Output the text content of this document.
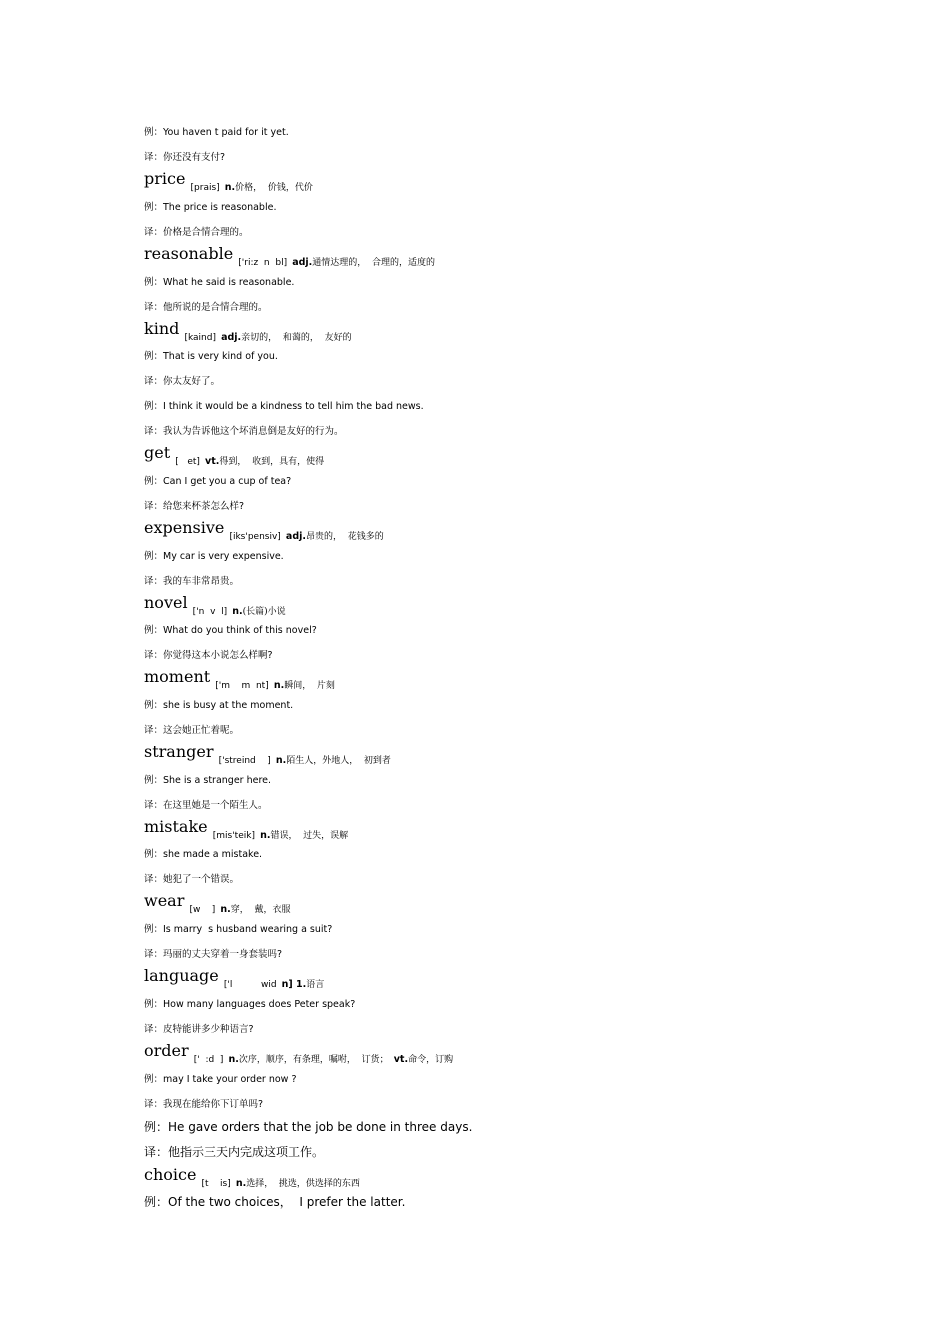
例：You haven t paid for it yet.
译：你还没有支付?
price [prais] n.价格，  价钱，代价
例：The price is reasonable.
译：价格是合情合理的。
reasonable ['ri:z  n  bl] adj.通情达理的，  合理的，适度的
例：What he said is reasonable.
译：他所说的是合情合理的。
kind [kaind] adj.亲切的，  和蔼的，  友好的
例：That is very kind of you.
译：你太友好了。
例：I think it would be a kindness to tell him the bad news.
译：我认为告诉他这个坏消息倒是友好的行为。
get [   et] vt.得到，  收到，具有，使得
例：Can I get you a cup of tea?
译：给您来杯茶怎么样?
expensive [iks'pensiv] adj.昂贵的，  花钱多的
例：My car is very expensive.
译：我的车非常昂贵。
novel ['n  v  l] n.(长篇)小说
例：What do you think of this novel?
译：你觉得这本小说怎么样啊?
moment ['m    m  nt] n.瞬间，  片刻
例：she is busy at the moment.
译：这会她正忙着呢。
stranger ['streind    ] n.陌生人，外地人，  初到者
例：She is a stranger here.
译：在这里她是一个陌生人。
mistake [mis'teik] n.错误，  过失，误解
例：she made a mistake.
译：她犯了一个错误。
wear [w    ] n.穿，  戴，衣服
例：Is marry  s husband wearing a suit?
译：玛丽的丈夫穿着一身套装吗?
language ['l          wid n] 1.语言
例：How many languages does Peter speak?
译：皮特能讲多少种语言?
order ['  :d  ] n.次序，顺序，有条理，嘱咐，  订货； vt.命令，订购
例：may I take your order now ?
译：我现在能给你下订单吗?
例：He gave orders that the job be done in three days.
译：他指示三天内完成这项工作。
choice [t    is] n.选择，  挑选，供选择的东西
例：Of the two choices，  I prefer the latter.
